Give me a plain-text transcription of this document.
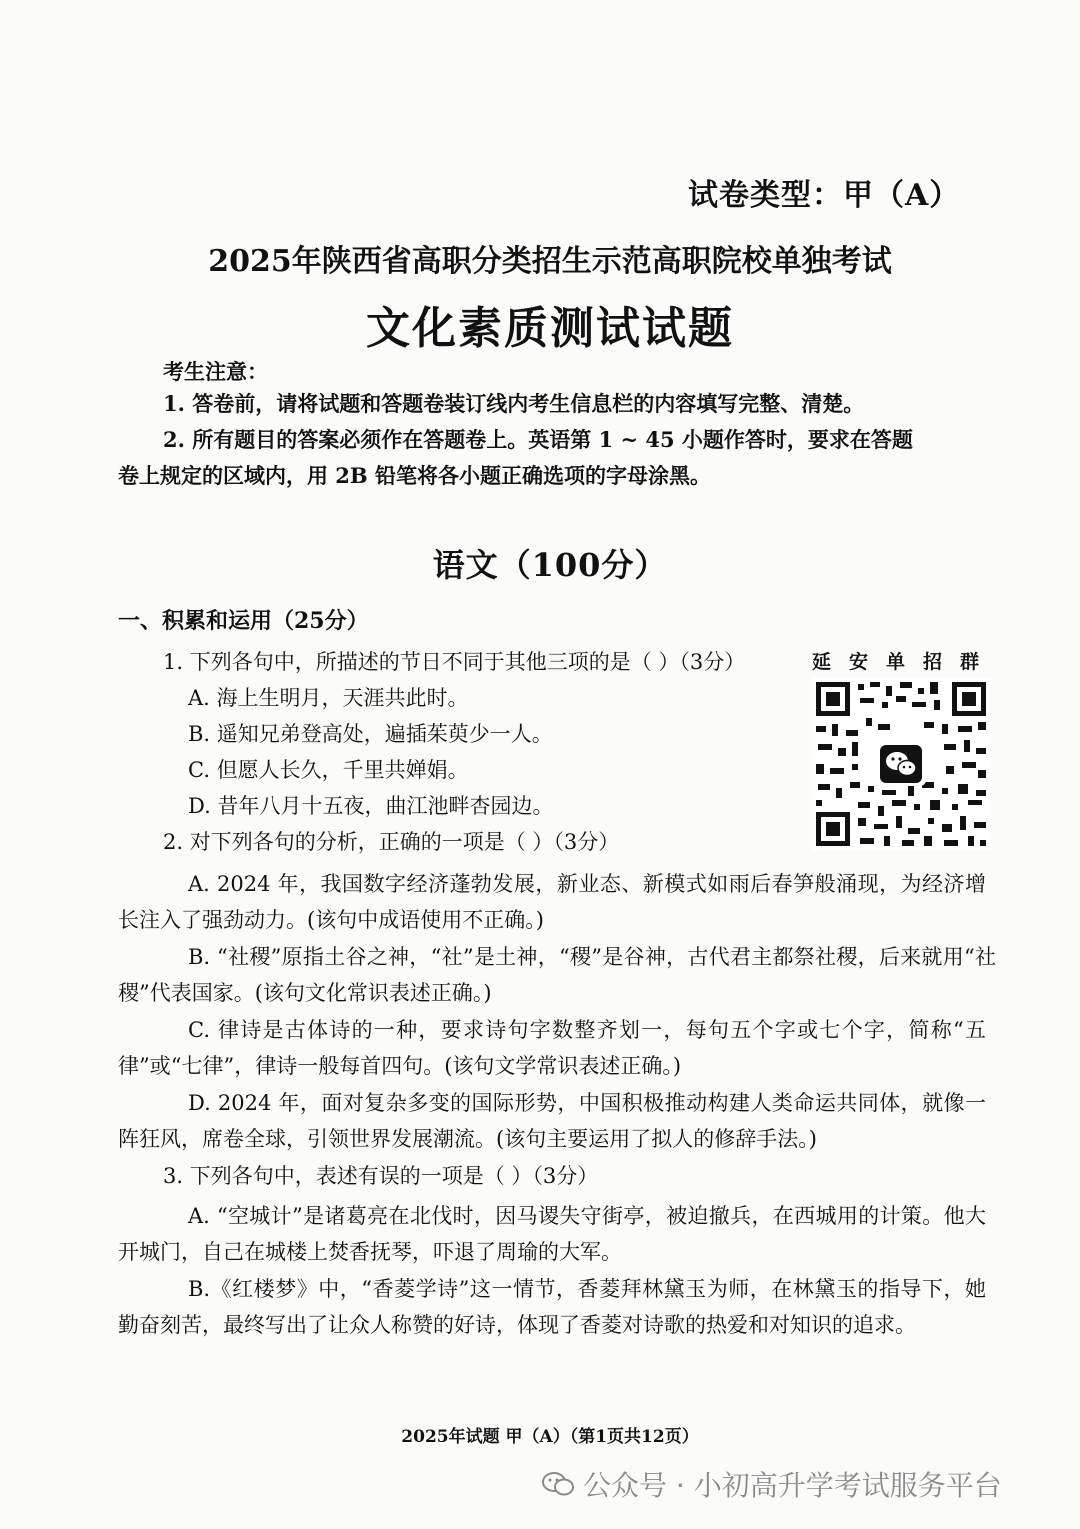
试卷类型：甲（A）
2025年陕西省高职分类招生示范高职院校单独考试
文化素质测试试题
考生注意：
1. 答卷前，请将试题和答题卷装订线内考生信息栏的内容填写完整、清楚。
2. 所有题目的答案必须作在答题卷上。英语第 1 ~ 45 小题作答时，要求在答题
卷上规定的区域内，用 2B 铅笔将各小题正确选项的字母涂黑。
语文（100分）
一、积累和运用（25分）
1. 下列各句中，所描述的节日不同于其他三项的是（ ）（3分）
A. 海上生明月，天涯共此时。
B. 遥知兄弟登高处，遍插茱萸少一人。
C. 但愿人长久，千里共婵娟。
D. 昔年八月十五夜，曲江池畔杏园边。
延安单招群
2. 对下列各句的分析，正确的一项是（ ）（3分）
A. 2024 年，我国数字经济蓬勃发展，新业态、新模式如雨后春笋般涌现，为经济增长注入了强劲动力。(该句中成语使用不正确。)
B. “社稷”原指土谷之神，“社”是土神，“稷”是谷神，古代君主都祭社稷，后来就用“社稷”代表国家。(该句文化常识表述正确。)
C. 律诗是古体诗的一种，要求诗句字数整齐划一，每句五个字或七个字，简称“五律”或“七律”，律诗一般每首四句。(该句文学常识表述正确。)
D. 2024 年，面对复杂多变的国际形势，中国积极推动构建人类命运共同体，就像一阵狂风，席卷全球，引领世界发展潮流。(该句主要运用了拟人的修辞手法。)
3. 下列各句中，表述有误的一项是（ ）（3分）
A. “空城计”是诸葛亮在北伐时，因马谡失守街亭，被迫撤兵，在西城用的计策。他大开城门，自己在城楼上焚香抚琴，吓退了周瑜的大军。
B.《红楼梦》中，“香菱学诗”这一情节，香菱拜林黛玉为师，在林黛玉的指导下，她勤奋刻苦，最终写出了让众人称赞的好诗，体现了香菱对诗歌的热爱和对知识的追求。
2025年试题 甲（A）（第1页共12页）
公众号 · 小初高升学考试服务平台
